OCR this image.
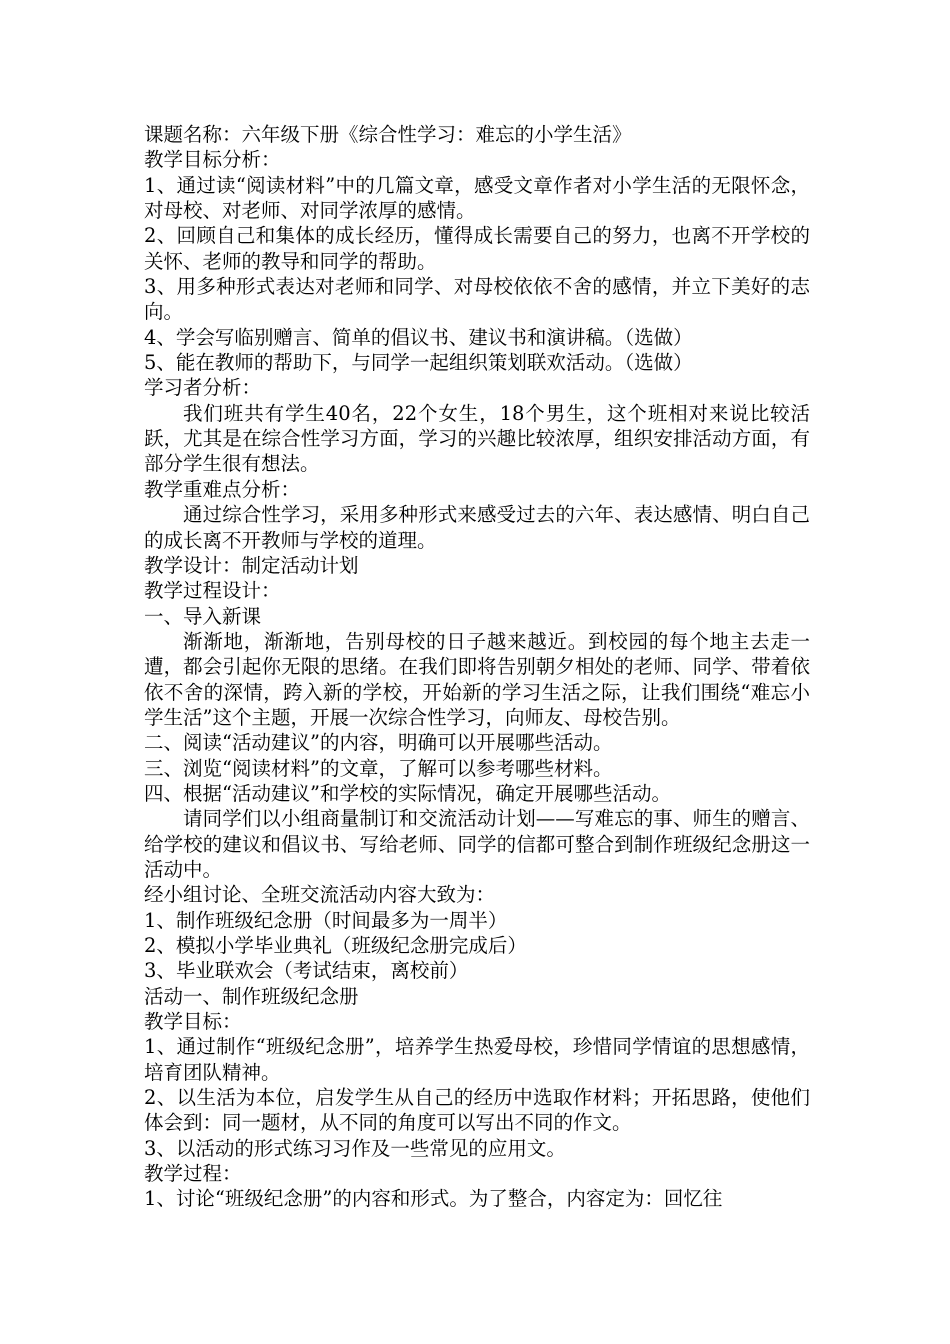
课题名称：六年级下册《综合性学习：难忘的小学生活》

教学目标分析：

1、通过读“阅读材料”中的几篇文章，感受文章作者对小学生活的无限怀念，对母校、对老师、对同学浓厚的感情。

2、回顾自己和集体的成长经历，懂得成长需要自己的努力，也离不开学校的关怀、老师的教导和同学的帮助。

3、用多种形式表达对老师和同学、对母校依依不舍的感情，并立下美好的志向。

4、学会写临别赠言、简单的倡议书、建议书和演讲稿。（选做）

5、能在教师的帮助下，与同学一起组织策划联欢活动。（选做）

学习者分析：

我们班共有学生40名，22个女生，18个男生，这个班相对来说比较活跃，尤其是在综合性学习方面，学习的兴趣比较浓厚，组织安排活动方面，有部分学生很有想法。

教学重难点分析：

通过综合性学习，采用多种形式来感受过去的六年、表达感情、明白自己的成长离不开教师与学校的道理。

教学设计：制定活动计划

教学过程设计：

一、导入新课

渐渐地，渐渐地，告别母校的日子越来越近。到校园的每个地主去走一遭，都会引起你无限的思绪。在我们即将告别朝夕相处的老师、同学、带着依依不舍的深情，跨入新的学校，开始新的学习生活之际，让我们围绕“难忘小学生活”这个主题，开展一次综合性学习，向师友、母校告别。

二、阅读“活动建议”的内容，明确可以开展哪些活动。

三、浏览“阅读材料”的文章，了解可以参考哪些材料。

四、根据“活动建议”和学校的实际情况，确定开展哪些活动。

请同学们以小组商量制订和交流活动计划——写难忘的事、师生的赠言、给学校的建议和倡议书、写给老师、同学的信都可整合到制作班级纪念册这一活动中。

经小组讨论、全班交流活动内容大致为：

1、制作班级纪念册（时间最多为一周半）

2、模拟小学毕业典礼（班级纪念册完成后）

3、毕业联欢会（考试结束，离校前）

活动一、制作班级纪念册

教学目标：

1、通过制作“班级纪念册”，培养学生热爱母校，珍惜同学情谊的思想感情，培育团队精神。

2、以生活为本位，启发学生从自己的经历中选取作材料；开拓思路，使他们体会到：同一题材，从不同的角度可以写出不同的作文。

3、以活动的形式练习习作及一些常见的应用文。

教学过程：

1、讨论“班级纪念册”的内容和形式。为了整合，内容定为：回忆往
